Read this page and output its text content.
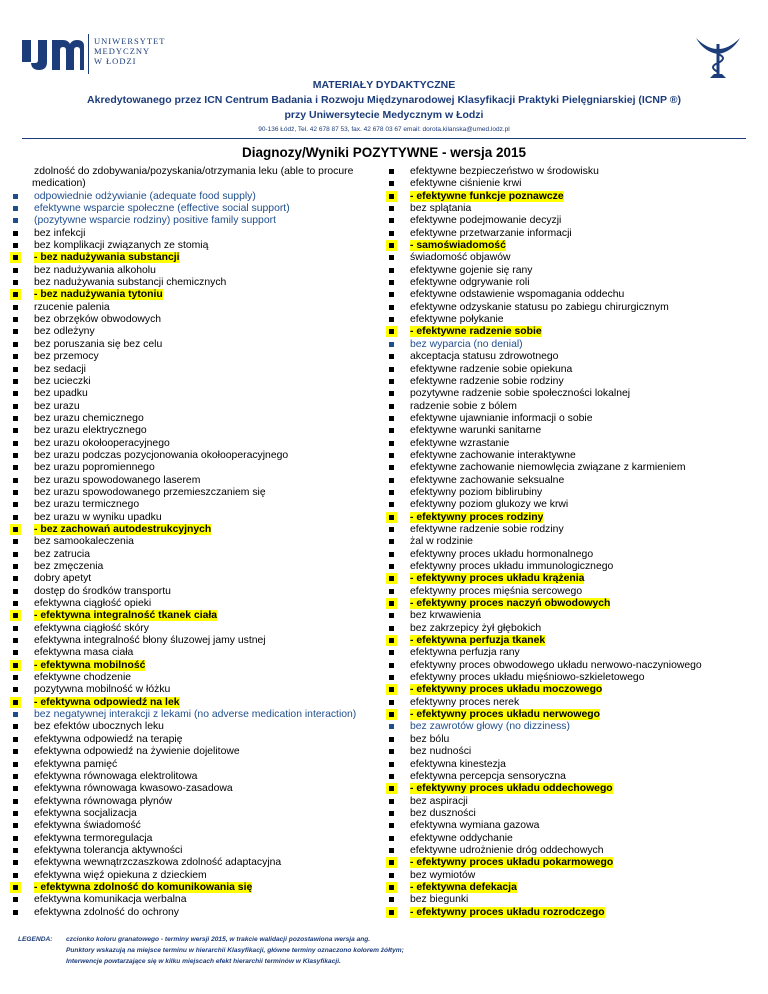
UNIWERSYTET
MEDYCZNY
W ŁODZI
MATERIAŁY DYDAKTYCZNE
Akredytowanego przez ICN Centrum Badania i Rozwoju Międzynarodowej Klasyfikacji Praktyki Pielęgniarskiej (ICNP ®)
przy Uniwersytecie Medycznym w Łodzi
90-136 Łódź, Tel. 42 678 87 53, fax. 42 678 03 67 email: dorota.kilanska@umed.lodz.pl
Diagnozy/Wyniki POZYTYWNE - wersja 2015
zdolność do zdobywania/pozyskania/otrzymania leku (able to procure
medication)
odpowiednie odżywianie (adequate food supply)
efektywne wsparcie społeczne (effective social support)
(pozytywne wsparcie rodziny) positive family support
bez infekcji
bez komplikacji związanych ze stomią
- bez nadużywania substancji
bez nadużywania alkoholu
bez nadużywania substancji chemicznych
- bez nadużywania tytoniu
rzucenie palenia
bez obrzęków obwodowych
bez odleżyny
bez poruszania się bez celu
bez przemocy
bez sedacji
bez ucieczki
bez upadku
bez urazu
bez urazu chemicznego
bez urazu elektrycznego
bez urazu okołooperacyjnego
bez urazu podczas pozycjonowania okołooperacyjnego
bez urazu popromiennego
bez urazu spowodowanego laserem
bez urazu spowodowanego przemieszczaniem się
bez urazu termicznego
bez urazu w wyniku upadku
- bez zachowań autodestrukcyjnych
bez samookaleczenia
bez zatrucia
bez zmęczenia
dobry apetyt
dostęp do środków transportu
efektywna ciągłość opieki
- efektywna integralność tkanek ciała
efektywna ciągłość skóry
efektywna integralność błony śluzowej jamy ustnej
efektywna masa ciała
- efektywna mobilność
efektywne chodzenie
pozytywna mobilność w łóżku
- efektywna odpowiedź na lek
bez negatywnej interakcji z lekami (no adverse medication interaction)
bez efektów ubocznych leku
efektywna odpowiedź na terapię
efektywna odpowiedź na żywienie dojelitowe
efektywna pamięć
efektywna równowaga elektrolitowa
efektywna równowaga kwasowo-zasadowa
efektywna równowaga płynów
efektywna socjalizacja
efektywna świadomość
efektywna termoregulacja
efektywna tolerancja aktywności
efektywna wewnątrzczaszkowa zdolność adaptacyjna
efektywna więź opiekuna z dzieckiem
- efektywna zdolność do komunikowania się
efektywna komunikacja werbalna
efektywna zdolność do ochrony
efektywne bezpieczeństwo w środowisku
efektywne ciśnienie krwi
- efektywne funkcje poznawcze
bez splątania
efektywne podejmowanie decyzji
efektywne przetwarzanie informacji
- samoświadomość
świadomość objawów
efektywne gojenie się rany
efektywne odgrywanie roli
efektywne odstawienie wspomagania oddechu
efektywne odzyskanie statusu po zabiegu chirurgicznym
efektywne połykanie
- efektywne radzenie sobie
bez wyparcia (no denial)
akceptacja statusu zdrowotnego
efektywne radzenie sobie opiekuna
efektywne radzenie sobie rodziny
pozytywne radzenie sobie społeczności lokalnej
radzenie sobie z bólem
efektywne ujawnianie informacji o sobie
efektywne warunki sanitarne
efektywne wzrastanie
efektywne zachowanie interaktywne
efektywne zachowanie niemowlęcia związane z karmieniem
efektywne zachowanie seksualne
efektywny poziom biblirubiny
efektywny poziom glukozy we krwi
- efektywny proces rodziny
efektywne radzenie sobie rodziny
żal w rodzinie
efektywny proces układu hormonalnego
efektywny proces układu immunologicznego
- efektywny proces układu krążenia
efektywny proces mięśnia sercowego
- efektywny proces naczyń obwodowych
bez krwawienia
bez zakrzepicy żył głębokich
- efektywna perfuzja tkanek
efektywna perfuzja rany
efektywny proces obwodowego układu nerwowo-naczyniowego
efektywny proces układu mięśniowo-szkieletowego
- efektywny proces układu moczowego
efektywny proces nerek
- efektywny proces układu nerwowego
bez zawrotów głowy (no dizziness)
bez bólu
bez nudności
efektywna kinestezja
efektywna percepcja sensoryczna
- efektywny proces układu oddechowego
bez aspiracji
bez duszności
efektywna wymiana gazowa
efektywne oddychanie
efektywne udrożnienie dróg oddechowych
- efektywny proces układu pokarmowego
bez wymiotów
- efektywna defekacja
bez biegunki
- efektywny proces układu rozrodczego
LEGENDA: czcionko koloru granatowego - terminy wersji 2015, w trakcie walidacji pozostawiona wersja ang.
Punktory wskazują na miejsce terminu w hierarchii Klasyfikacji, główne terminy oznaczono kolorem żółtym;
Interwencje powtarzające się w kilku miejscach efekt hierarchii terminów w Klasyfikacji.
